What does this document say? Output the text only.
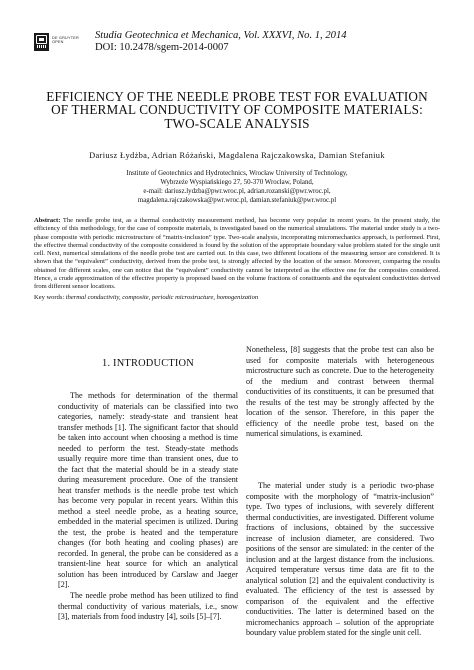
DE GRUYTER
OPEN
Studia Geotechnica et Mechanica, Vol. XXXVI, No. 1, 2014
DOI: 10.2478/sgem-2014-0007
EFFICIENCY OF THE NEEDLE PROBE TEST FOR EVALUATION
OF THERMAL CONDUCTIVITY OF COMPOSITE MATERIALS:
TWO-SCALE ANALYSIS
Dariusz Łydżba, Adrian Różański, Magdalena Rajczakowska, Damian Stefaniuk
Institute of Geotechnics and Hydrotechnics, Wrocław University of Technology,
Wybrzeże Wyspiańskiego 27, 50-370 Wrocław, Poland,
e-mail: dariusz.lydzba@pwr.wroc.pl, adrian.rozanski@pwr.wroc.pl,
magdalena.rajczakowska@pwr.wroc.pl, damian.stefaniuk@pwr.wroc.pl
Abstract: The needle probe test, as a thermal conductivity measurement method, has become very popular in recent years. In the present study, the efficiency of this methodology, for the case of composite materials, is investigated based on the numerical simulations. The material under study is a two-phase composite with periodic microstructure of “matrix-inclusion” type. Two-scale analysis, incorporating micromechanics approach, is performed. First, the effective thermal conductivity of the composite considered is found by the solution of the appropriate boundary value problem stated for the single unit cell. Next, numerical simulations of the needle probe test are carried out. In this case, two different locations of the measuring sensor are considered. It is shown that the “equivalent” conductivity, derived from the probe test, is strongly affected by the location of the sensor. Moreover, comparing the results obtained for different scales, one can notice that the “equivalent” conductivity cannot be interpreted as the effective one for the composites considered. Hence, a crude approximation of the effective property is proposed based on the volume fractions of constituents and the equivalent conductivities derived from different sensor locations.
Key words: thermal conductivity, composite, periodic microstructure, homogenization
1. INTRODUCTION

The methods for determination of the thermal conductivity of materials can be classified into two categories, namely: steady-state and transient heat transfer methods [1]. The significant factor that should be taken into account when choosing a method is time needed to perform the test. Steady-state methods usually require more time than transient ones, due to the fact that the material should be in a steady state during measurement procedure. One of the transient heat transfer methods is the needle probe test which has become very popular in recent years. Within this method a steel needle probe, as a heating source, embedded in the material specimen is utilized. During the test, the probe is heated and the temperature changes (for both heating and cooling phases) are recorded. In general, the probe can be considered as a transient-line heat source for which an analytical solution has been introduced by Carslaw and Jaeger [2].

The needle probe method has been utilized to find thermal conductivity of various materials, i.e., snow [3], materials from food industry [4], soils [5]–[7].

Nonetheless, [8] suggests that the probe test can also be used for composite materials with heterogeneous microstructure such as concrete. Due to the heterogeneity of the medium and contrast between thermal conductivities of its constituents, it can be presumed that the results of the test may be strongly affected by the location of the sensor. Therefore, in this paper the efficiency of the needle probe test, based on the numerical simulations, is examined.

The material under study is a periodic two-phase composite with the morphology of “matrix-inclusion” type. Two types of inclusions, with severely different thermal conductivities, are investigated. Different volume fractions of inclusions, obtained by the successive increase of inclusion diameter, are considered. Two positions of the sensor are simulated: in the center of the inclusion and at the largest distance from the inclusions. Acquired temperature versus time data are fit to the analytical solution [2] and the equivalent conductivity is evaluated. The efficiency of the test is assessed by comparison of the equivalent and the effective conductivities. The latter is determined based on the micromechanics approach – solution of the appropriate boundary value problem stated for the single unit cell.
